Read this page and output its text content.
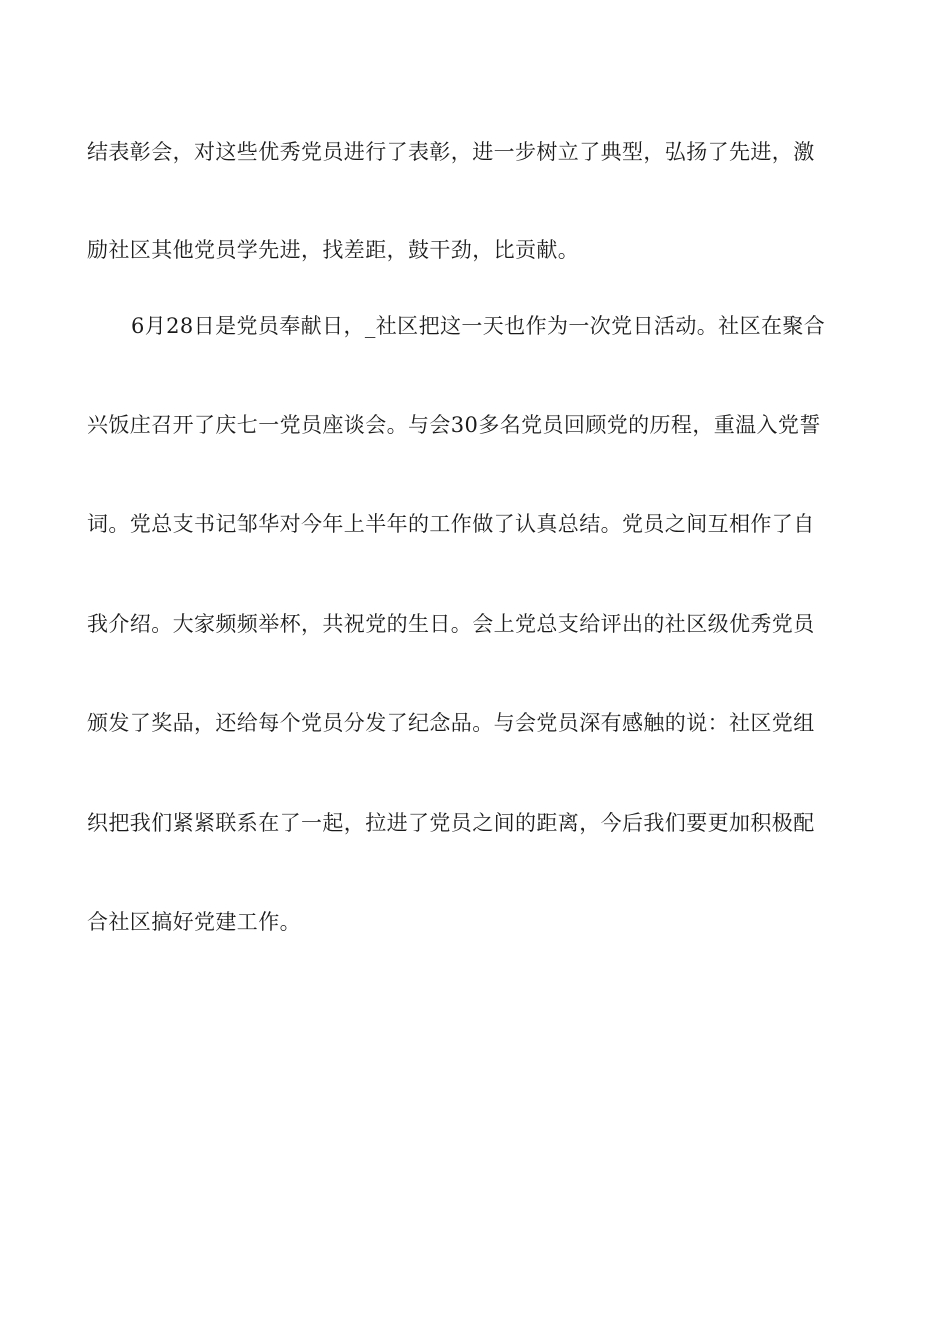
结表彰会，对这些优秀党员进行了表彰，进一步树立了典型，弘扬了先进，激
励社区其他党员学先进，找差距，鼓干劲，比贡献。
6月28日是党员奉献日，_社区把这一天也作为一次党日活动。社区在聚合
兴饭庄召开了庆七一党员座谈会。与会30多名党员回顾党的历程，重温入党誓
词。党总支书记邹华对今年上半年的工作做了认真总结。党员之间互相作了自
我介绍。大家频频举杯，共祝党的生日。会上党总支给评出的社区级优秀党员
颁发了奖品，还给每个党员分发了纪念品。与会党员深有感触的说：社区党组
织把我们紧紧联系在了一起，拉进了党员之间的距离，今后我们要更加积极配
合社区搞好党建工作。
